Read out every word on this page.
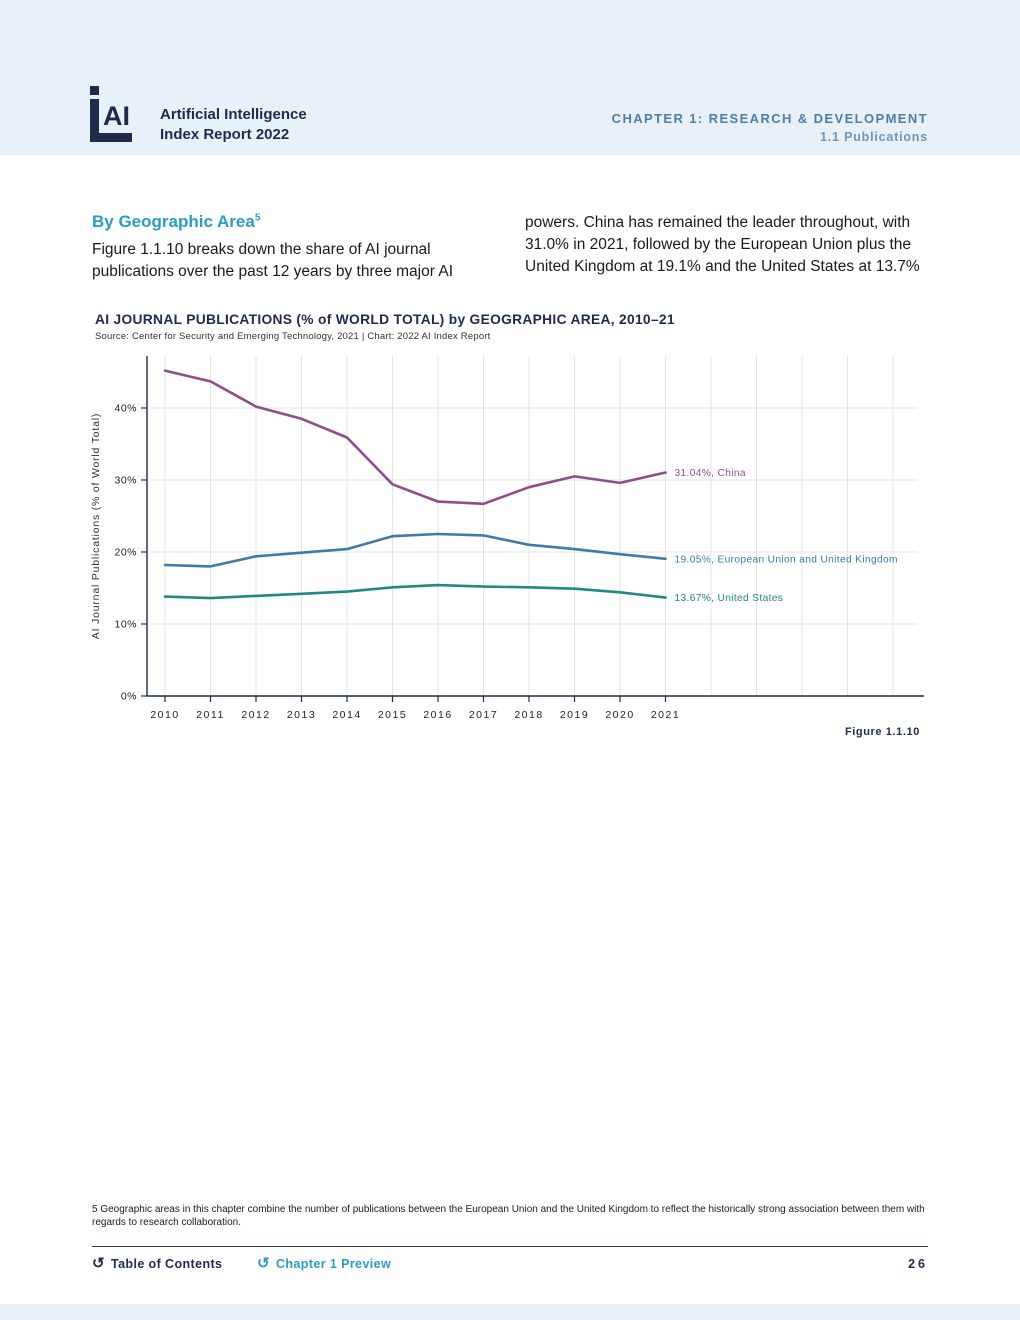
AI Artificial Intelligence
Index Report 2022
CHAPTER 1: RESEARCH & DEVELOPMENT
1.1 Publications
By Geographic Area$^5$

Figure 1.1.10 breaks down the share of AI journal publications over the past 12 years by three major AI

powers. China has remained the leader throughout, with 31.0% in 2021, followed by the European Union plus the United Kingdom at 19.1% and the United States at 13.7%

AI JOURNAL PUBLICATIONS (% of WORLD TOTAL) by GEOGRAPHIC AREA, 2010–21
Source: Center for Security and Emerging Technology, 2021 | Chart: 2022 AI Index Report
0%
10%
20%
30%
40%
2010 2011 2012 2013 2014 2015 2016 2017 2018 2019 2020 2021
AI Journal Publications (% of World Total)	31.04%, China
19.05%, European Union and United Kingdom
13.67%, United States
Figure 1.1.10
5 Geographic areas in this chapter combine the number of publications between the European Union and the United Kingdom to reflect the historically strong association between them with regards to research collaboration.
↺ Table of Contents ↺ Chapter 1 Preview	26
